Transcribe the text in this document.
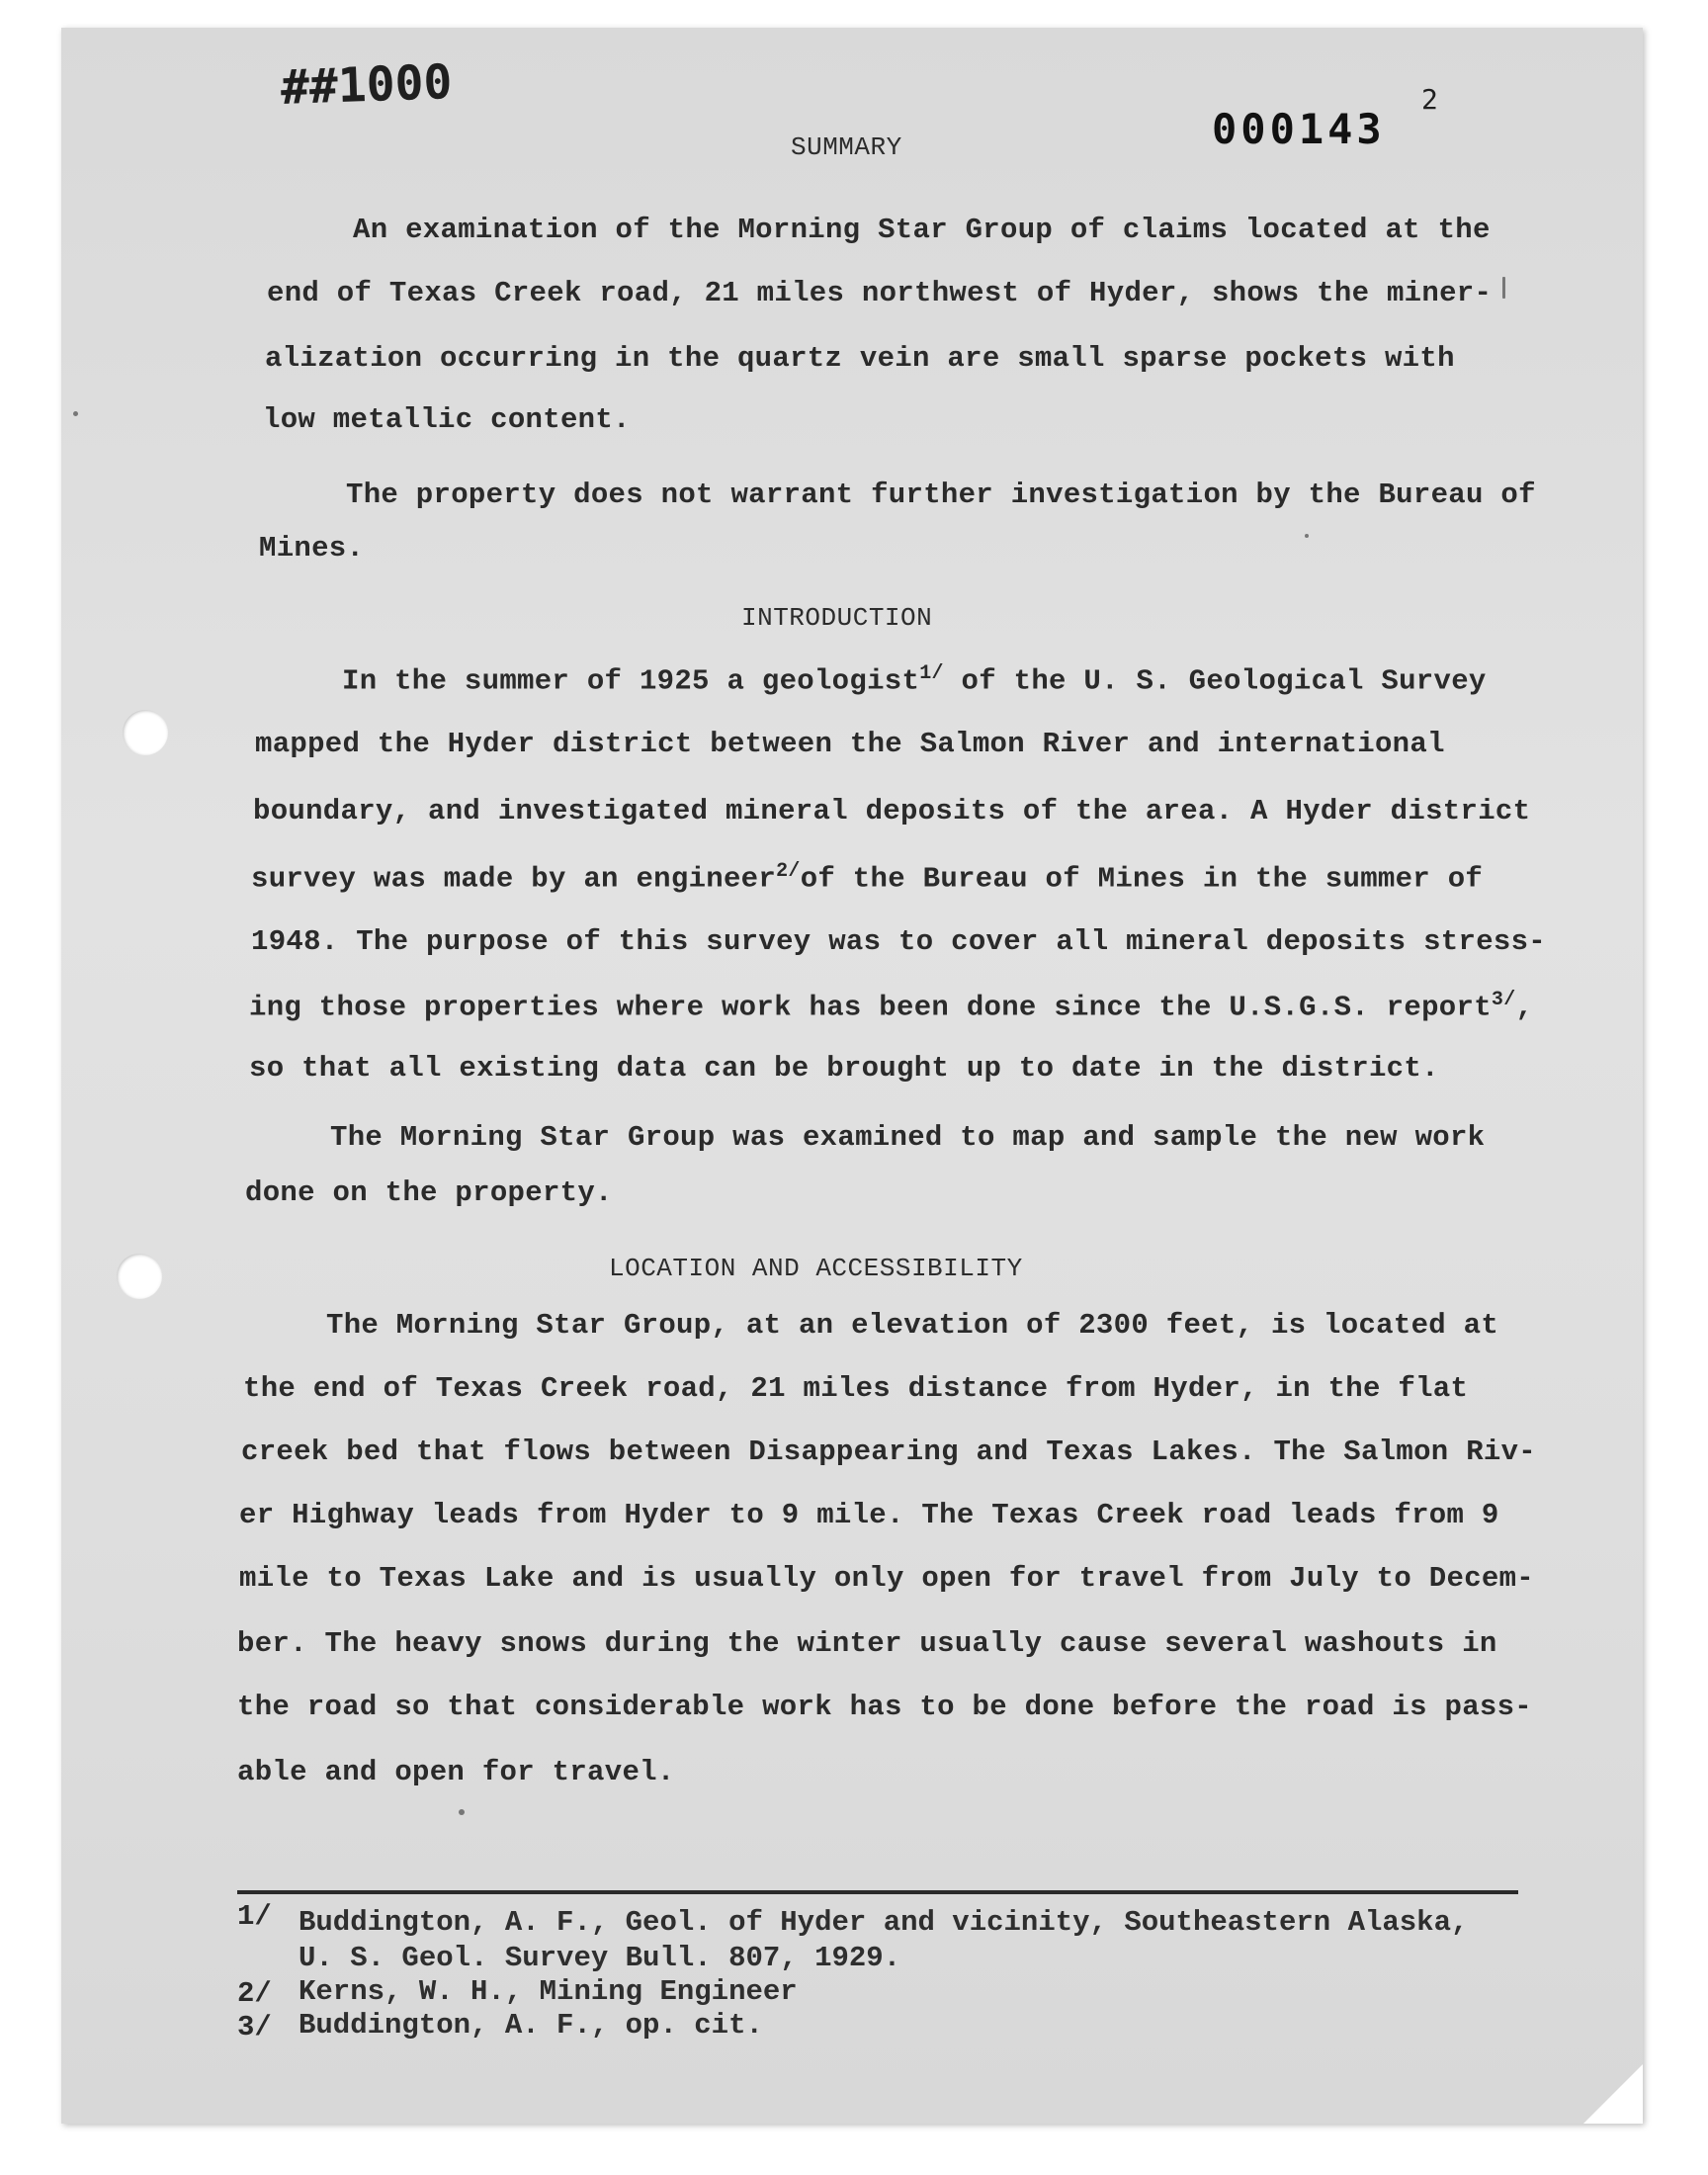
##1000
000143
2
SUMMARY
An examination of the Morning Star Group of claims located at the
end of Texas Creek road, 21 miles northwest of Hyder, shows the miner-
alization occurring in the quartz vein are small sparse pockets with
low metallic content.
The property does not warrant further investigation by the Bureau of
Mines.
INTRODUCTION
In the summer of 1925 a geologist$^{1/}$ of the U. S. Geological Survey
mapped the Hyder district between the Salmon River and international
boundary, and investigated mineral deposits of the area. A Hyder district
survey was made by an engineer$^{2/}$of the Bureau of Mines in the summer of
1948. The purpose of this survey was to cover all mineral deposits stress-
ing those properties where work has been done since the U.S.G.S. report$^{3/}$,
so that all existing data can be brought up to date in the district.
The Morning Star Group was examined to map and sample the new work
done on the property.
LOCATION AND ACCESSIBILITY
The Morning Star Group, at an elevation of 2300 feet, is located at
the end of Texas Creek road, 21 miles distance from Hyder, in the flat
creek bed that flows between Disappearing and Texas Lakes. The Salmon Riv-
er Highway leads from Hyder to 9 mile. The Texas Creek road leads from 9
mile to Texas Lake and is usually only open for travel from July to Decem-
ber. The heavy snows during the winter usually cause several washouts in
the road so that considerable work has to be done before the road is pass-
able and open for travel.
1/ Buddington, A. F., Geol. of Hyder and vicinity, Southeastern Alaska,
U. S. Geol. Survey Bull. 807, 1929.
2/ Kerns, W. H., Mining Engineer
3/ Buddington, A. F., op. cit.
